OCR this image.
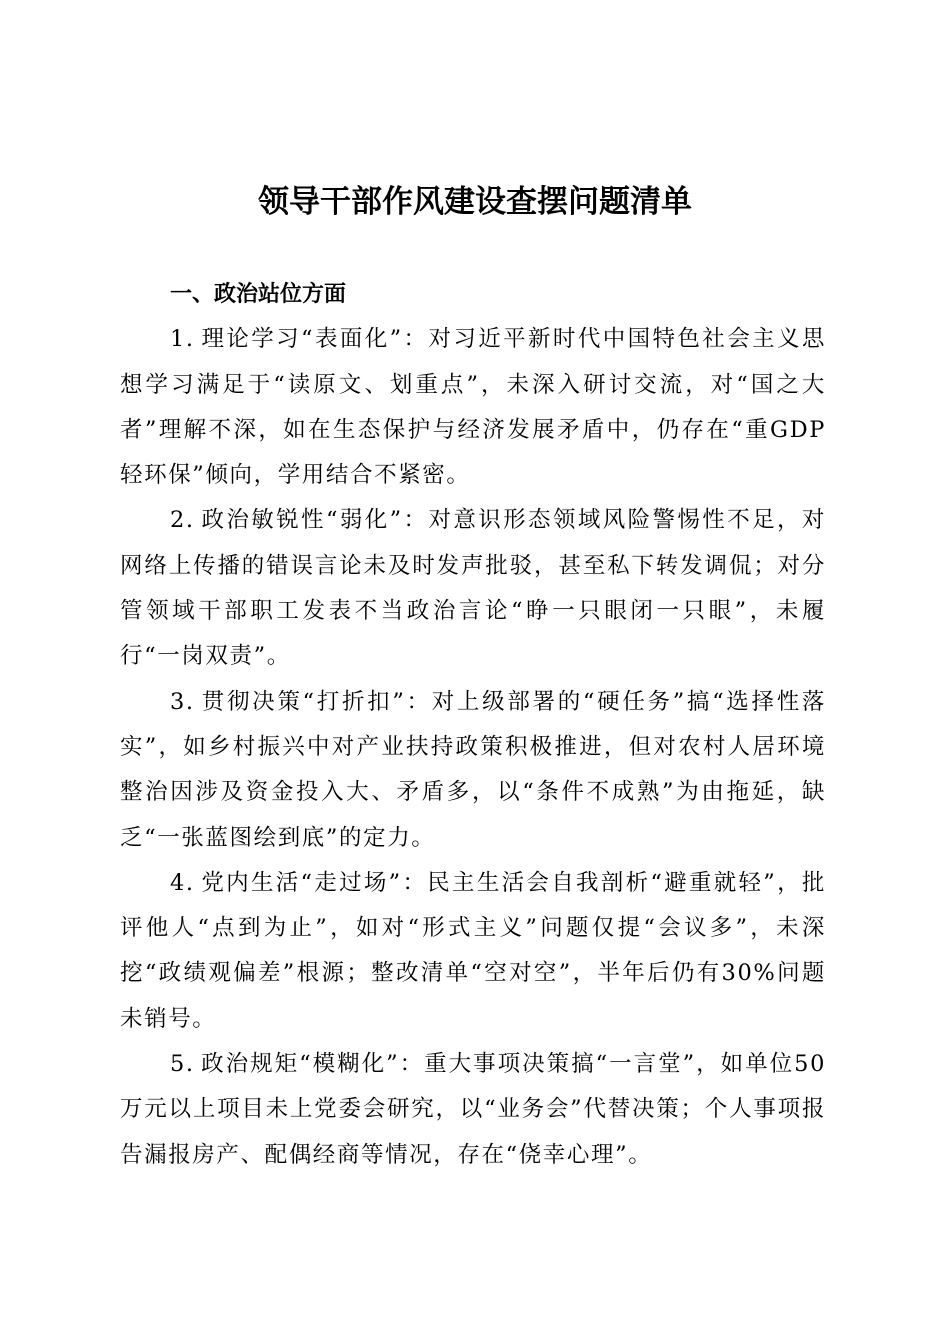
领导干部作风建设查摆问题清单

一、政治站位方面

1. 理论学习“表面化”：对习近平新时代中国特色社会主义思想学习满足于“读原文、划重点”，未深入研讨交流，对“国之大者”理解不深，如在生态保护与经济发展矛盾中，仍存在“重GDP轻环保”倾向，学用结合不紧密。

2. 政治敏锐性“弱化”：对意识形态领域风险警惕性不足，对网络上传播的错误言论未及时发声批驳，甚至私下转发调侃；对分管领域干部职工发表不当政治言论“睁一只眼闭一只眼”，未履行“一岗双责”。

3. 贯彻决策“打折扣”：对上级部署的“硬任务”搞“选择性落实”，如乡村振兴中对产业扶持政策积极推进，但对农村人居环境整治因涉及资金投入大、矛盾多，以“条件不成熟”为由拖延，缺乏“一张蓝图绘到底”的定力。

4. 党内生活“走过场”：民主生活会自我剖析“避重就轻”，批评他人“点到为止”，如对“形式主义”问题仅提“会议多”，未深挖“政绩观偏差”根源；整改清单“空对空”，半年后仍有30%问题未销号。

5. 政治规矩“模糊化”：重大事项决策搞“一言堂”，如单位50万元以上项目未上党委会研究，以“业务会”代替决策；个人事项报告漏报房产、配偶经商等情况，存在“侥幸心理”。
